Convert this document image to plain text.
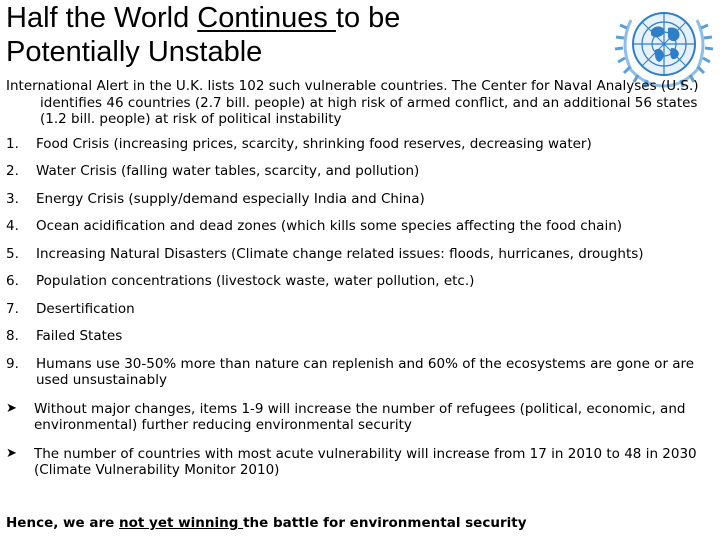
Half the World Continues to be
Potentially Unstable

International Alert in the U.K. lists 102 such vulnerable countries. The Center for Naval Analyses (U.S.) identifies 46 countries (2.7 bill. people) at high risk of armed conflict, and an additional 56 states (1.2 bill. people) at risk of political instability

1.	Food Crisis (increasing prices, scarcity, shrinking food reserves, decreasing water)
2.	Water Crisis (falling water tables, scarcity, and pollution)
3.	Energy Crisis (supply/demand especially India and China)
4.	Ocean acidification and dead zones (which kills some species affecting the food chain)
5.	Increasing Natural Disasters (Climate change related issues: floods, hurricanes, droughts)
6.	Population concentrations (livestock waste, water pollution, etc.)
7.	Desertification
8.	Failed States
9.	Humans use 30-50% more than nature can replenish and 60% of the ecosystems are gone or are used unsustainably
➤	Without major changes, items 1-9 will increase the number of refugees (political, economic, and environmental) further reducing environmental security
➤	The number of countries with most acute vulnerability will increase from 17 in 2010 to 48 in 2030 (Climate Vulnerability Monitor 2010)
Hence, we are not yet winning the battle for environmental security
